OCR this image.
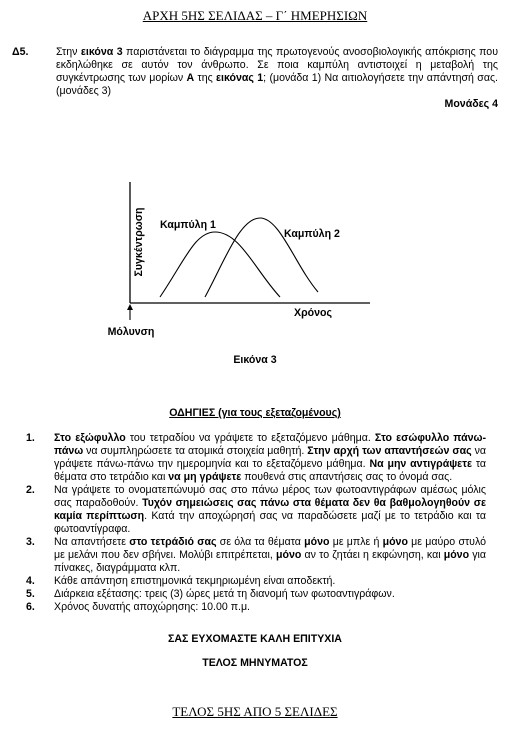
ΑΡΧΗ 5ΗΣ ΣΕΛΙΔΑΣ – Γ΄ ΗΜΕΡΗΣΙΩΝ
Δ5.	Στην εικόνα 3 παριστάνεται το διάγραμμα της πρωτογενούς ανοσοβιολογικής απόκρισης που εκδηλώθηκε σε αυτόν τον άνθρωπο. Σε ποια καμπύλη αντιστοιχεί η μεταβολή της συγκέντρωσης των μορίων Α της εικόνας 1; (μονάδα 1) Να αιτιολογήσετε την απάντησή σας. (μονάδες 3)
Μονάδες 4
Συγκέντρωση Καμπύλη 1
Καμπύλη 2
Χρόνος
Μόλυνση
Εικόνα 3
ΟΔΗΓΙΕΣ (για τους εξεταζομένους)
1. Στο εξώφυλλο του τετραδίου να γράψετε το εξεταζόμενο μάθημα. Στο εσώφυλλο πάνω-πάνω να συμπληρώσετε τα ατομικά στοιχεία μαθητή. Στην αρχή των απαντήσεών σας να γράψετε πάνω-πάνω την ημερομηνία και το εξεταζόμενο μάθημα. Να μην αντιγράψετε τα θέματα στο τετράδιο και να μη γράψετε πουθενά στις απαντήσεις σας το όνομά σας.
2. Να γράψετε το ονοματεπώνυμό σας στο πάνω μέρος των φωτοαντιγράφων αμέσως μόλις σας παραδοθούν. Τυχόν σημειώσεις σας πάνω στα θέματα δεν θα βαθμολογηθούν σε καμία περίπτωση. Κατά την αποχώρησή σας να παραδώσετε μαζί με το τετράδιο και τα φωτοαντίγραφα.
3. Να απαντήσετε στο τετράδιό σας σε όλα τα θέματα μόνο με μπλε ή μόνο με μαύρο στυλό με μελάνι που δεν σβήνει. Μολύβι επιτρέπεται, μόνο αν το ζητάει η εκφώνηση, και μόνο για πίνακες, διαγράμματα κλπ.
4. Κάθε απάντηση επιστημονικά τεκμηριωμένη είναι αποδεκτή.
5. Διάρκεια εξέτασης: τρεις (3) ώρες μετά τη διανομή των φωτοαντιγράφων.
6. Χρόνος δυνατής αποχώρησης: 10.00 π.μ.
ΣΑΣ ΕΥΧΟΜΑΣΤΕ ΚΑΛΗ ΕΠΙΤΥΧΙΑ
ΤΕΛΟΣ ΜΗΝΥΜΑΤΟΣ
ΤΕΛΟΣ 5ΗΣ ΑΠΟ 5 ΣΕΛΙΔΕΣ
